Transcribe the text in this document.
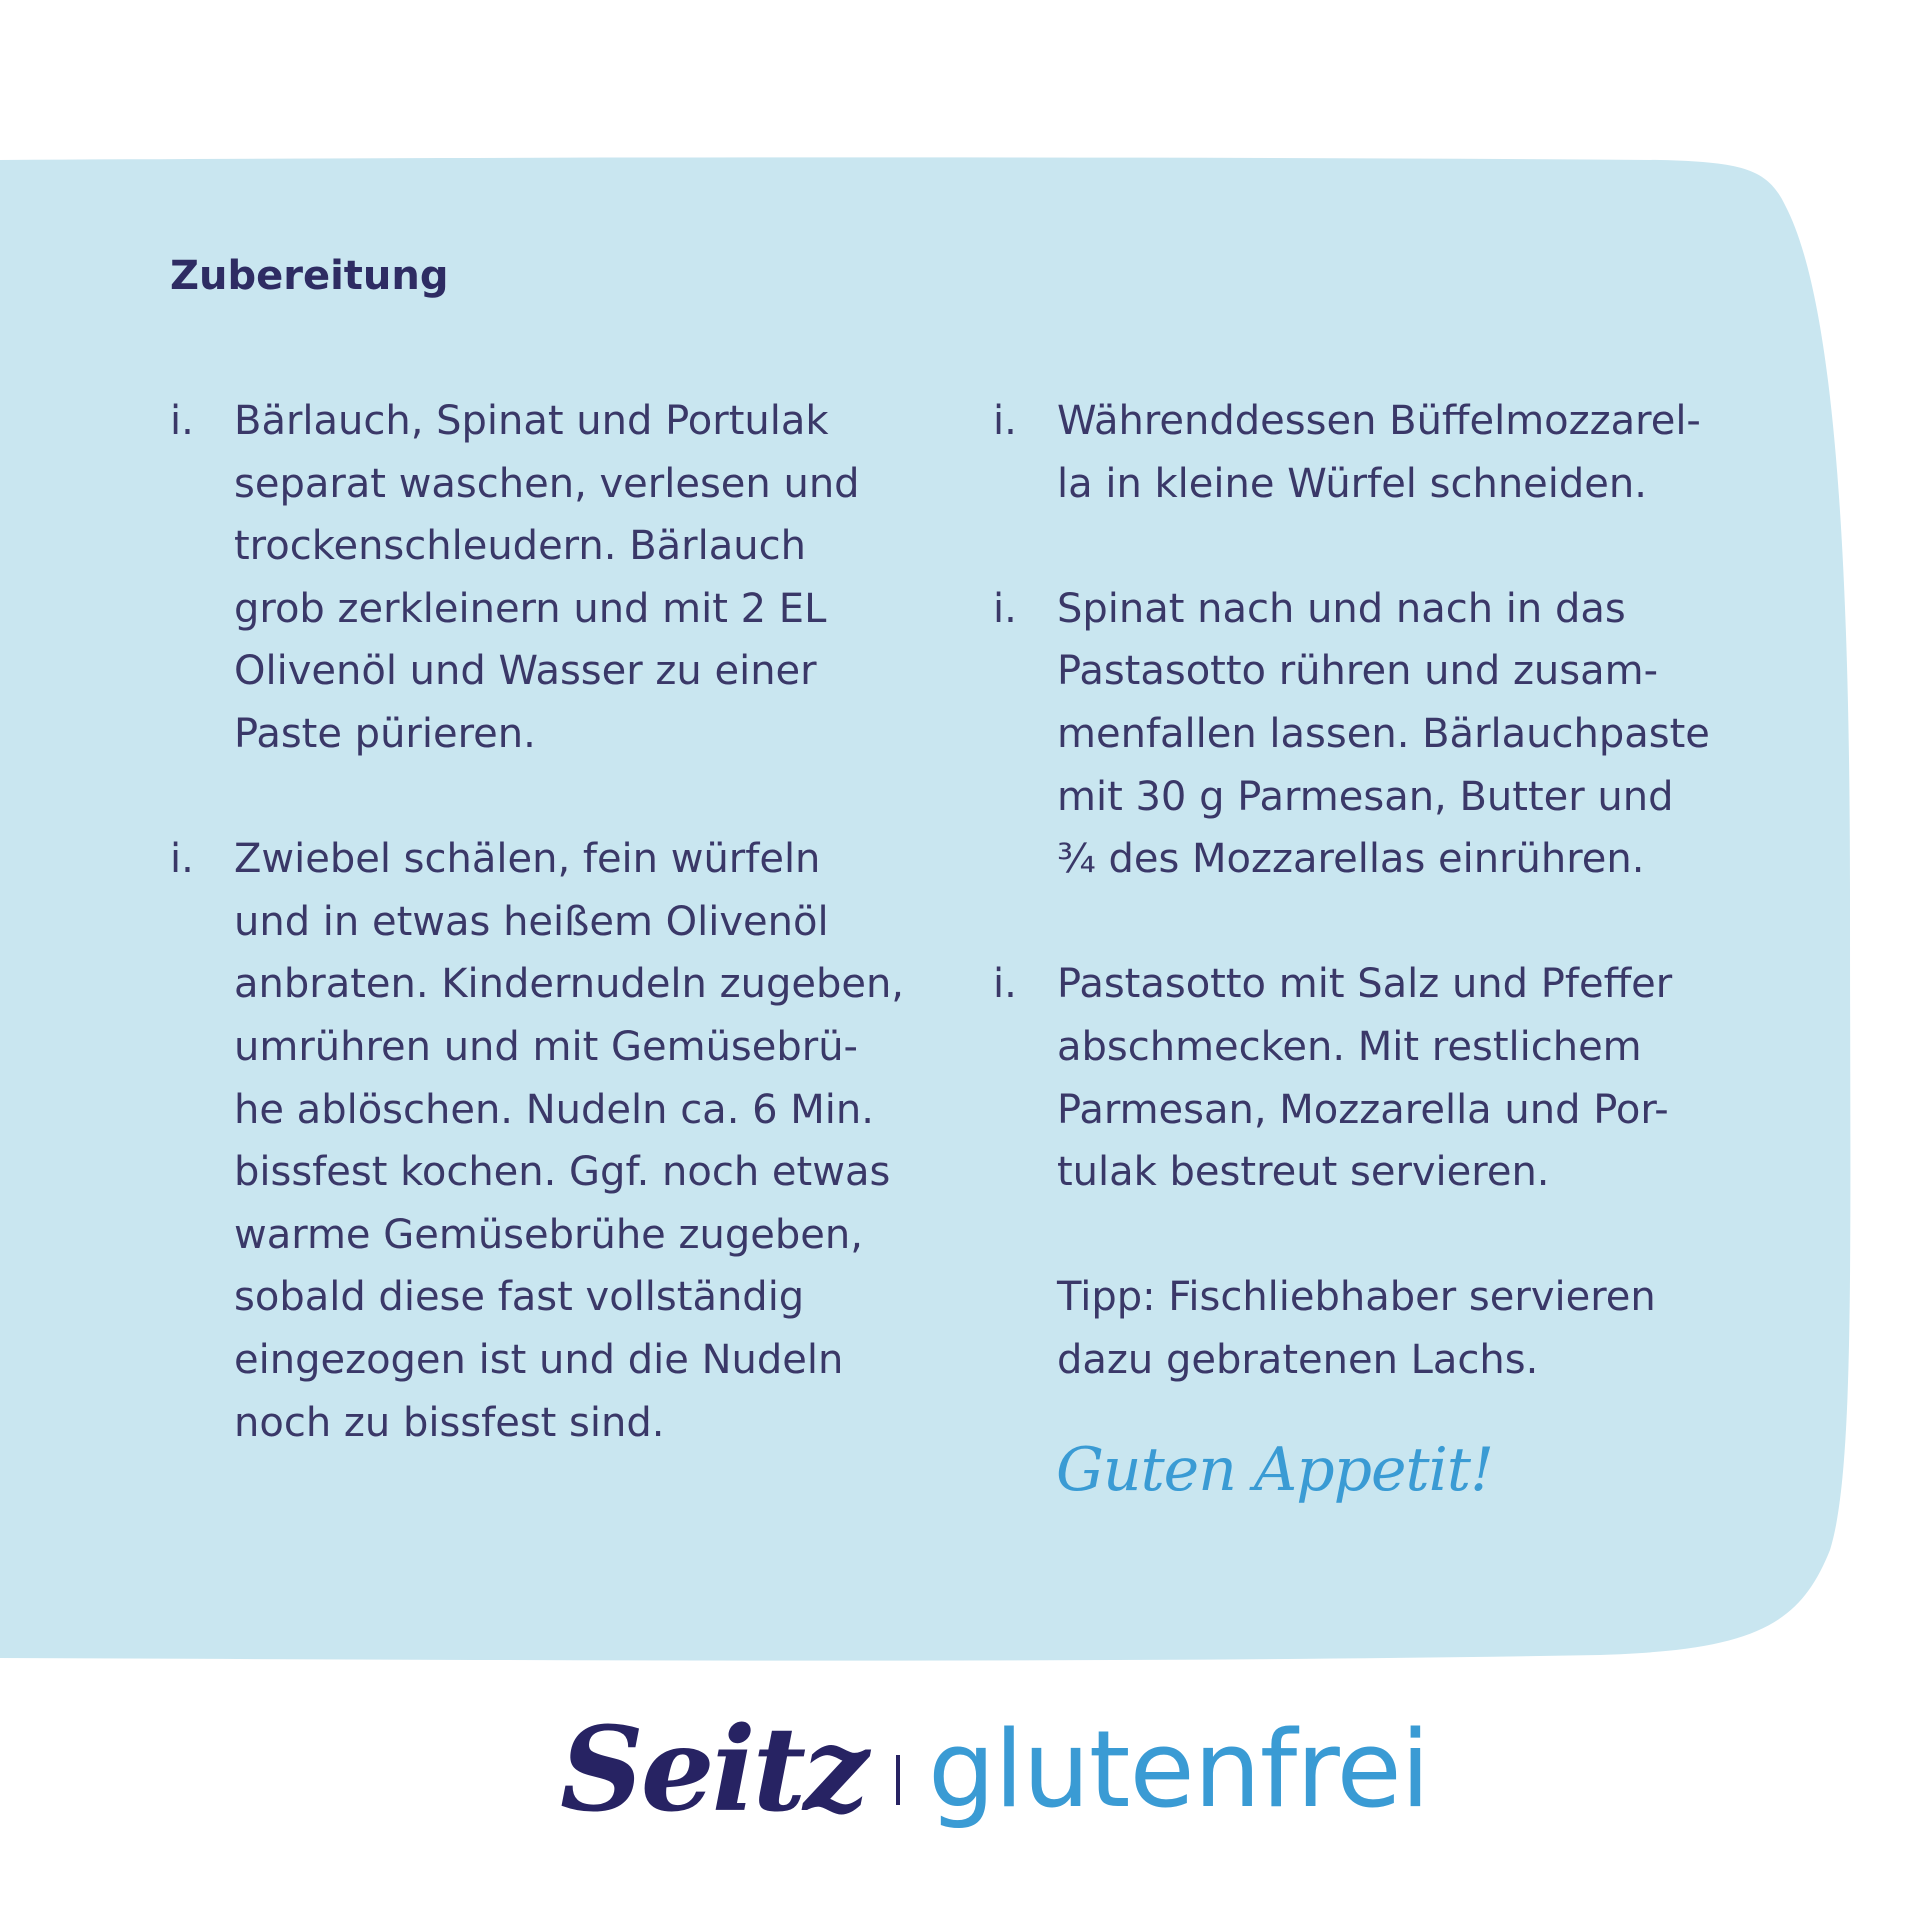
Zubereitung
i. Bärlauch, Spinat und Portulak
separat waschen, verlesen und
trockenschleudern. Bärlauch
grob zerkleinern und mit 2 EL
Olivenöl und Wasser zu einer
Paste pürieren.
i. Zwiebel schälen, fein würfeln
und in etwas heißem Olivenöl
anbraten. Kindernudeln zugeben,
umrühren und mit Gemüsebrü-
he ablöschen. Nudeln ca. 6 Min.
bissfest kochen. Ggf. noch etwas
warme Gemüsebrühe zugeben,
sobald diese fast vollständig
eingezogen ist und die Nudeln
noch zu bissfest sind.
i. Währenddessen Büffelmozzarel-
la in kleine Würfel schneiden.
i. Spinat nach und nach in das
Pastasotto rühren und zusam-
menfallen lassen. Bärlauchpaste
mit 30 g Parmesan, Butter und
¾ des Mozzarellas einrühren.
i. Pastasotto mit Salz und Pfeffer
abschmecken. Mit restlichem
Parmesan, Mozzarella und Por-
tulak bestreut servieren.

Tipp: Fischliebhaber servieren
dazu gebratenen Lachs.

Guten Appetit!

Seitz glutenfrei
